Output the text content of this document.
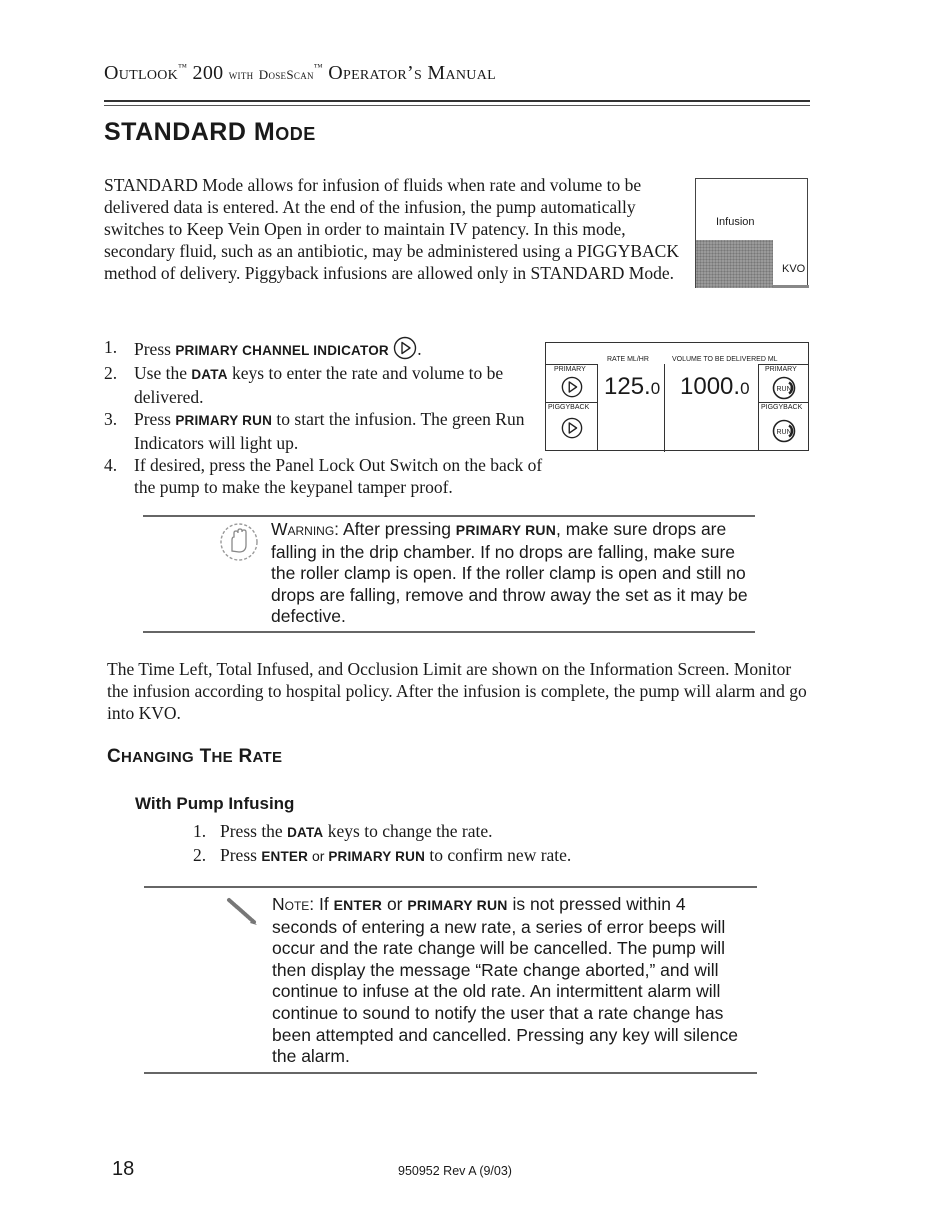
Outlook™ 200 with DoseScan™ Operator’s Manual
STANDARD Mode
STANDARD Mode allows for infusion of fluids when rate and volume to be delivered data is entered. At the end of the infusion, the pump automatically switches to Keep Vein Open in order to maintain IV patency. In this mode, secondary fluid, such as an antibiotic, may be administered using a PIGGYBACK method of delivery. Piggyback infusions are allowed only in STANDARD Mode.
Infusion
KVO
1. Press PRIMARY CHANNEL INDICATOR .
2. Use the DATA keys to enter the rate and volume to be delivered.
3. Press PRIMARY RUN to start the infusion. The green Run Indicators will light up.
4. If desired, press the Panel Lock Out Switch on the back of the pump to make the keypanel tamper proof.
RATE ML/HR	VOLUME TO BE DELIVERED ML
PRIMARY
125.0 1000.0
PRIMARY
RUN
PIGGYBACK	PIGGYBACK
RUN
Warning: After pressing PRIMARY RUN, make sure drops are falling in the drip chamber. If no drops are falling, make sure the roller clamp is open. If the roller clamp is open and still no drops are falling, remove and throw away the set as it may be defective.
The Time Left, Total Infused, and Occlusion Limit are shown on the Information Screen. Monitor the infusion according to hospital policy. After the infusion is complete, the pump will alarm and go into KVO.
CHANGING THE RATE
With Pump Infusing
1. Press the DATA keys to change the rate.
2. Press ENTER or PRIMARY RUN to confirm new rate.
Note: If ENTER or PRIMARY RUN is not pressed within 4 seconds of entering a new rate, a series of error beeps will occur and the rate change will be cancelled. The pump will then display the message “Rate change aborted,” and will continue to infuse at the old rate. An intermittent alarm will continue to sound to notify the user that a rate change has been attempted and cancelled. Pressing any key will silence the alarm.
18	950952 Rev A (9/03)
